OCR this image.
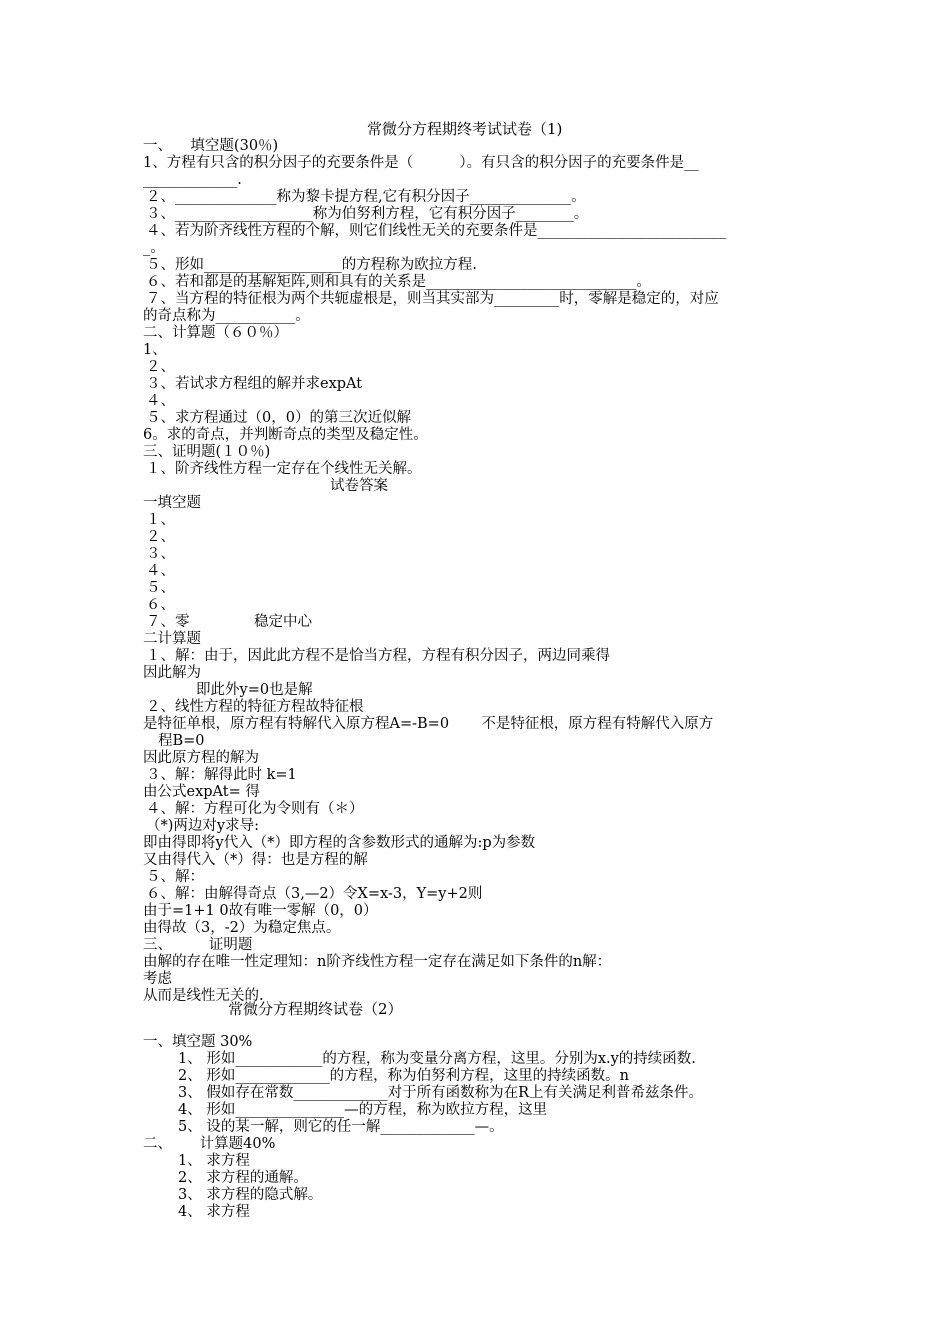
常微分方程期终考试试卷（1)
一、    填空题(30％)
1、方程有只含的积分因子的充要条件是（          ）。有只含的积分因子的充要条件是__
_____________.
２、______________称为黎卡提方程,它有积分因子______________。
３、___________________称为伯努利方程，它有积分因子________。
４、若为阶齐线性方程的个解，则它们线性无关的充要条件是__________________________
_。
５、形如___________________的方程称为欧拉方程.
６、若和都是的基解矩阵,则和具有的关系是_____________________________。
７、当方程的特征根为两个共轭虚根是，则当其实部为_________时，零解是稳定的，对应
的奇点称为___________。
二、计算题（６０％）
1、
２、
３、若试求方程组的解并求expAt
４、
５、求方程通过（0，0）的第三次近似解
6。求的奇点，并判断奇点的类型及稳定性。
三、证明题(１０％)
１、阶齐线性方程一定存在个线性无关解。
试卷答案
一填空题
１、
２、
３、
４、
５、
６、
７、零              稳定中心
二计算题
１、解：由于，因此此方程不是恰当方程，方程有积分因子，两边同乘得
因此解为
即此外y=0也是解
２、线性方程的特征方程故特征根
是特征单根，原方程有特解代入原方程A=-B=0       不是特征根，原方程有特解代入原方
程B=0
因此原方程的解为
３、解：解得此时 k=1
由公式expAt= 得
４、解：方程可化为令则有（＊）
（*)两边对y求导:
即由得即将y代入（*）即方程的含参数形式的通解为:p为参数
又由得代入（*）得：也是方程的解
５、解：
６、解：由解得奇点（3,—2）令X=x-3，Y=y+2则
由于=1+1 0故有唯一零解（0，0）
由得故（3，-2）为稳定焦点。
三、        证明题
由解的存在唯一性定理知：n阶齐线性方程一定存在满足如下条件的n解：
考虑
从而是线性无关的.
常微分方程期终试卷（2）
一、填空题 30%
1、 形如____________的方程，称为变量分离方程，这里。分别为x.y的持续函数.
2、 形如_____________的方程，称为伯努利方程，这里的持续函数。n
3、 假如存在常数_____________对于所有函数称为在R上有关满足利普希兹条件。
4、 形如_______________—的方程，称为欧拉方程，这里
5、 设的某一解，则它的任一解_____________—。
二、      计算题40%
1、 求方程
2、 求方程的通解。
3、 求方程的隐式解。
4、 求方程
